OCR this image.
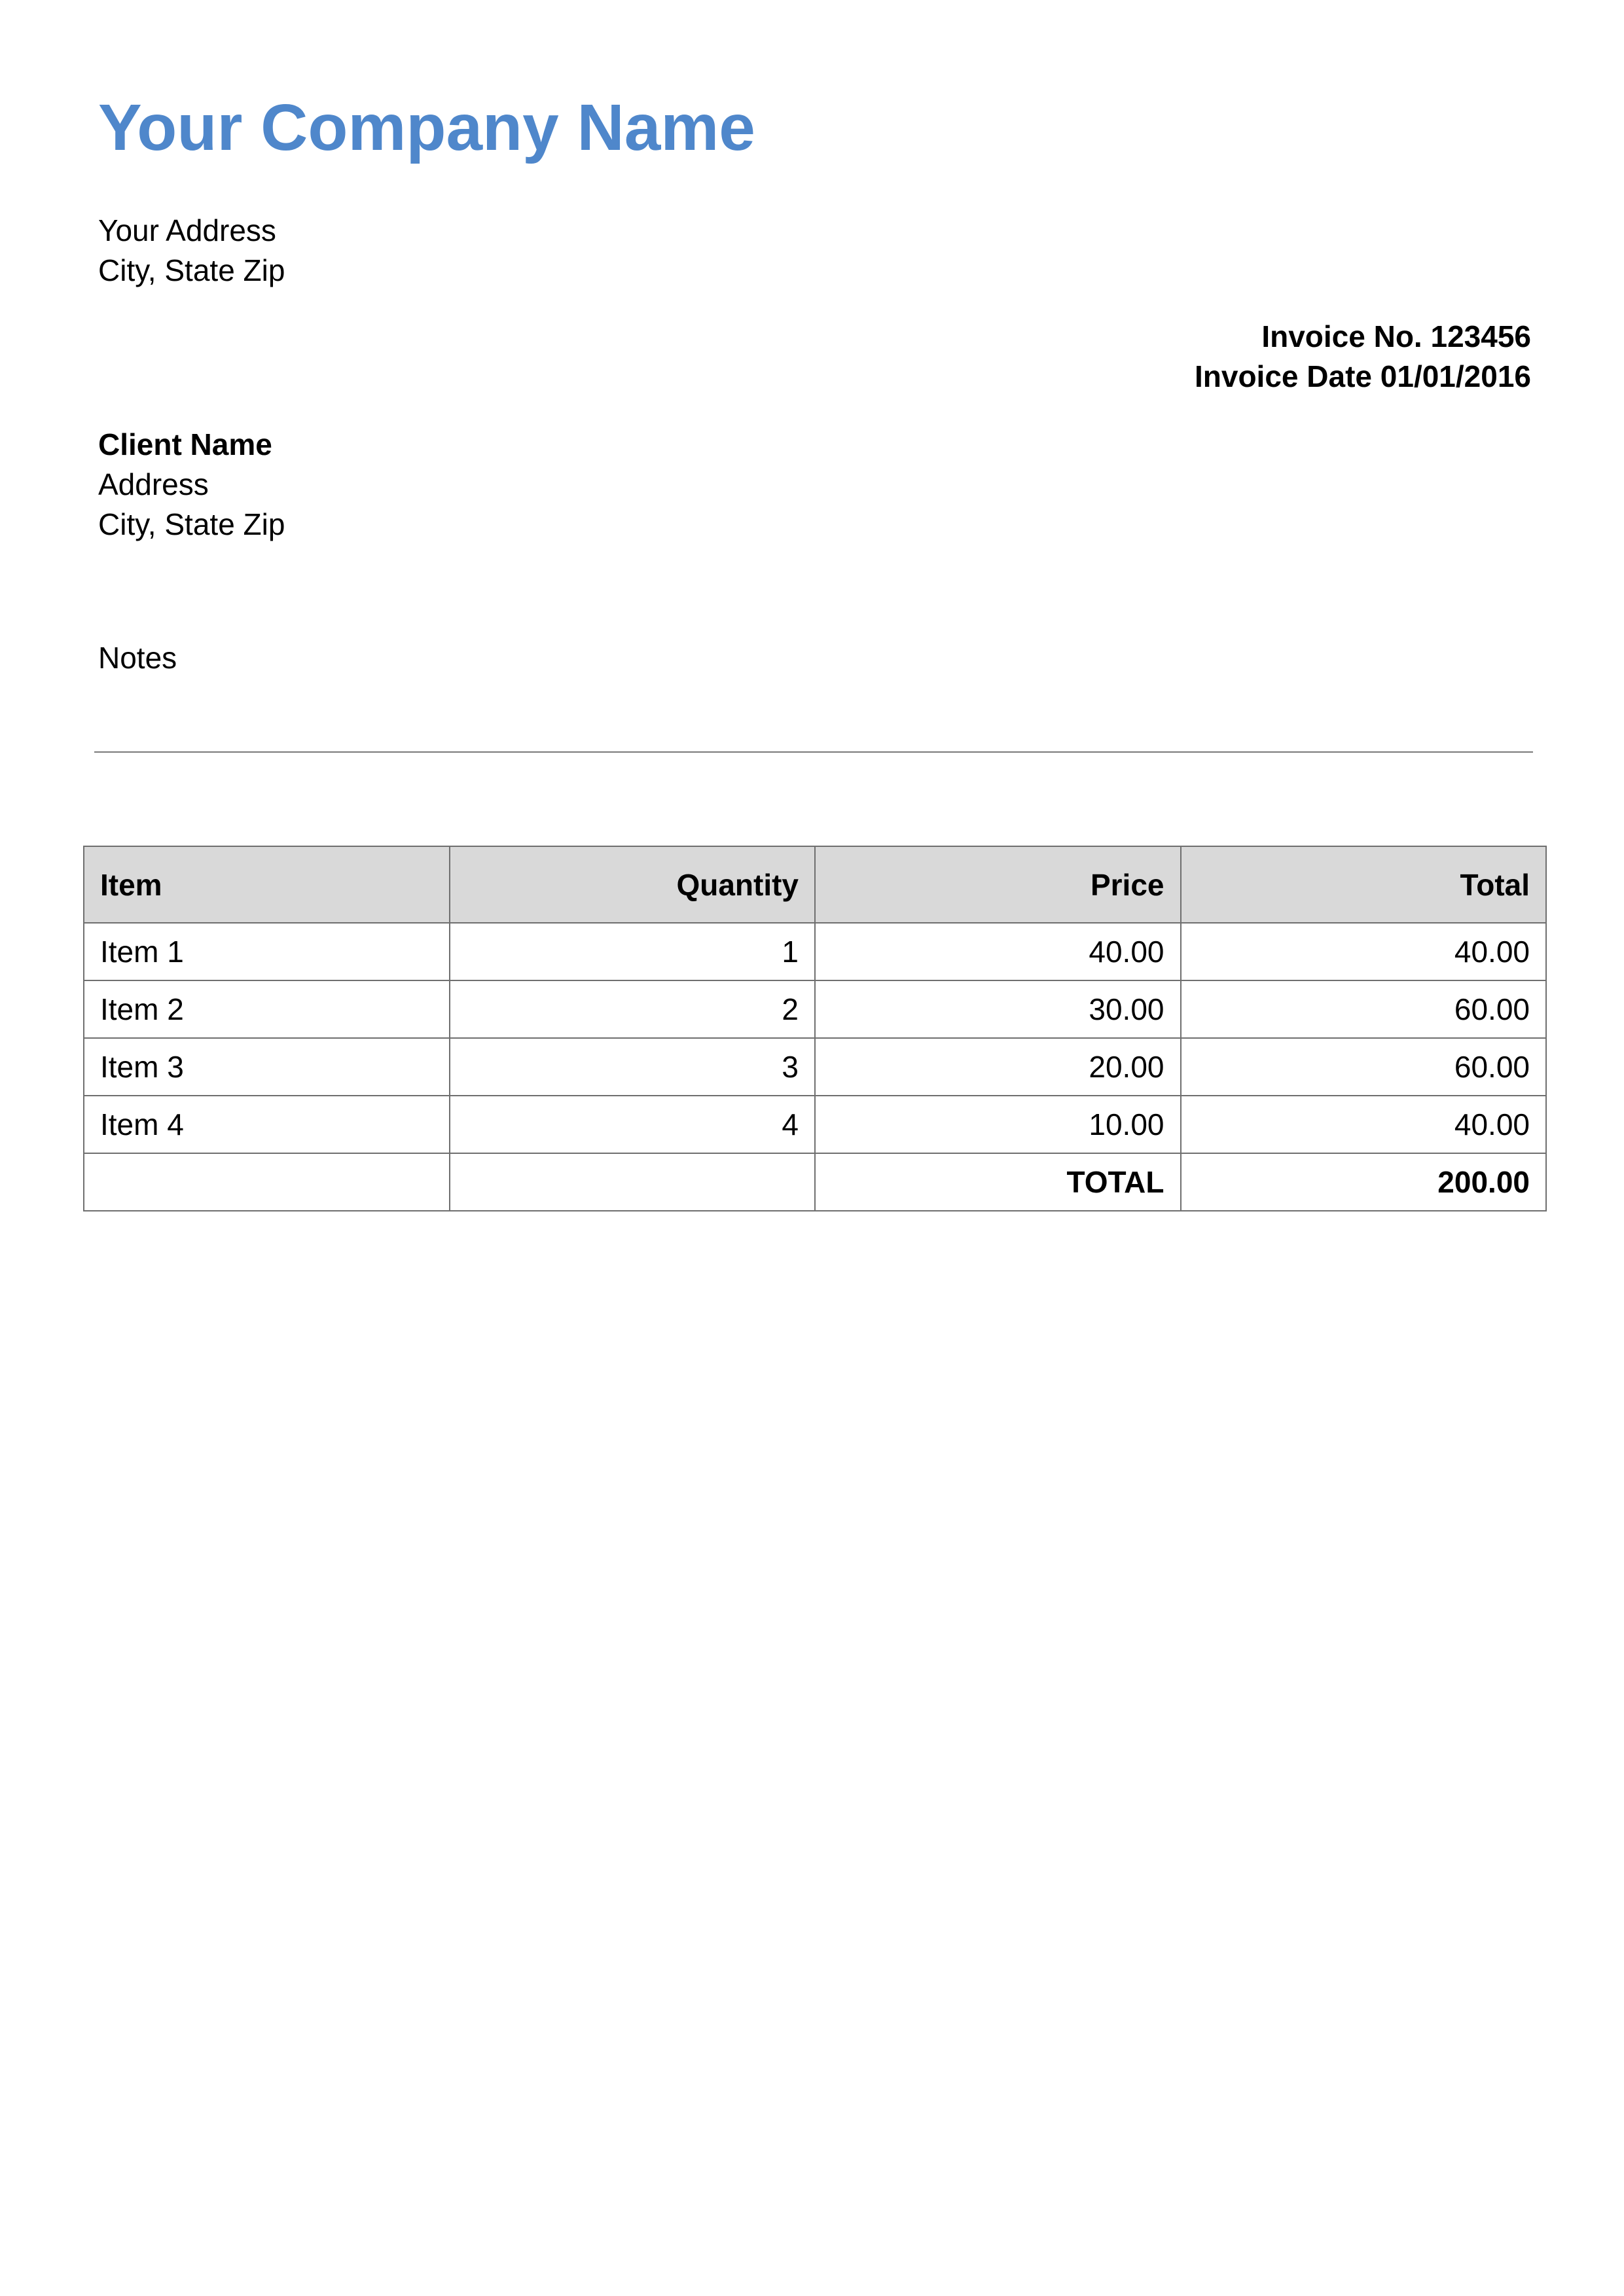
Your Company Name
Your Address
City, State Zip
Invoice No. 123456
Invoice Date 01/01/2016
Client Name
Address
City, State Zip
Notes
Item	Quantity	Price	Total
Item 1	1	40.00	40.00
Item 2	2	30.00	60.00
Item 3	3	20.00	60.00
Item 4	4	10.00	40.00
		TOTAL	200.00
